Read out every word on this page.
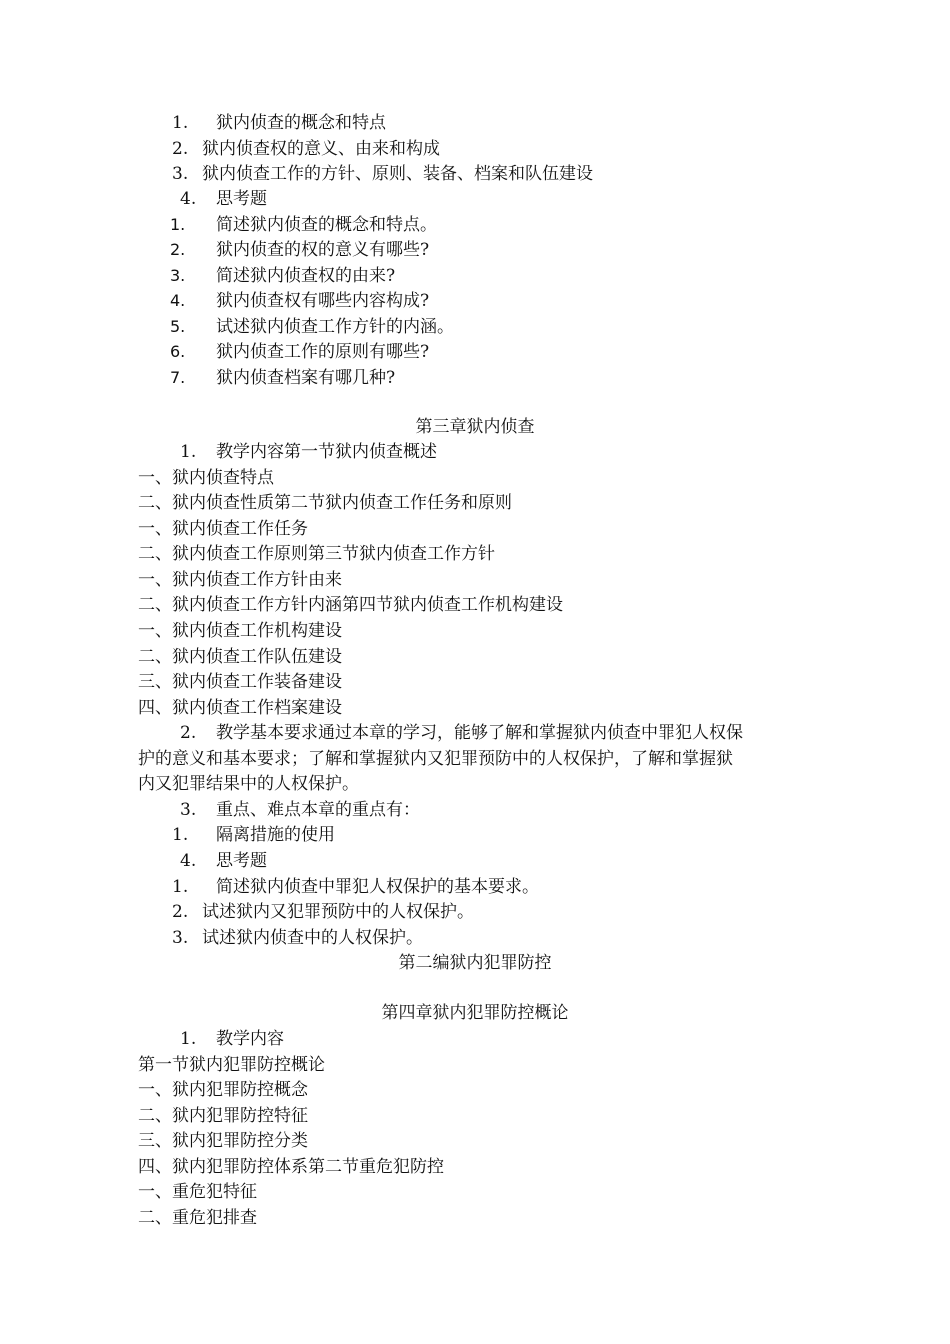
1. 狱内侦查的概念和特点
2. 狱内侦查权的意义、由来和构成
3. 狱内侦查工作的方针、原则、装备、档案和队伍建设
4. 思考题
1. 简述狱内侦查的概念和特点。
2. 狱内侦查的权的意义有哪些?
3. 简述狱内侦查权的由来?
4. 狱内侦查权有哪些内容构成?
5. 试述狱内侦查工作方针的内涵。
6. 狱内侦查工作的原则有哪些?
7. 狱内侦查档案有哪几种?
第三章狱内侦查
1. 教学内容第一节狱内侦查概述
一、狱内侦查特点
二、狱内侦查性质第二节狱内侦查工作任务和原则
一、狱内侦查工作任务
二、狱内侦查工作原则第三节狱内侦查工作方针
一、狱内侦查工作方针由来
二、狱内侦查工作方针内涵第四节狱内侦查工作机构建设
一、狱内侦查工作机构建设
二、狱内侦查工作队伍建设
三、狱内侦查工作装备建设
四、狱内侦查工作档案建设
2. 教学基本要求通过本章的学习，能够了解和掌握狱内侦查中罪犯人权保
护的意义和基本要求；了解和掌握狱内又犯罪预防中的人权保护，了解和掌握狱
内又犯罪结果中的人权保护。
3. 重点、难点本章的重点有：
1. 隔离措施的使用
4. 思考题
1. 简述狱内侦查中罪犯人权保护的基本要求。
2. 试述狱内又犯罪预防中的人权保护。
3. 试述狱内侦查中的人权保护。
第二编狱内犯罪防控
第四章狱内犯罪防控概论
1. 教学内容
第一节狱内犯罪防控概论
一、狱内犯罪防控概念
二、狱内犯罪防控特征
三、狱内犯罪防控分类
四、狱内犯罪防控体系第二节重危犯防控
一、重危犯特征
二、重危犯排查
